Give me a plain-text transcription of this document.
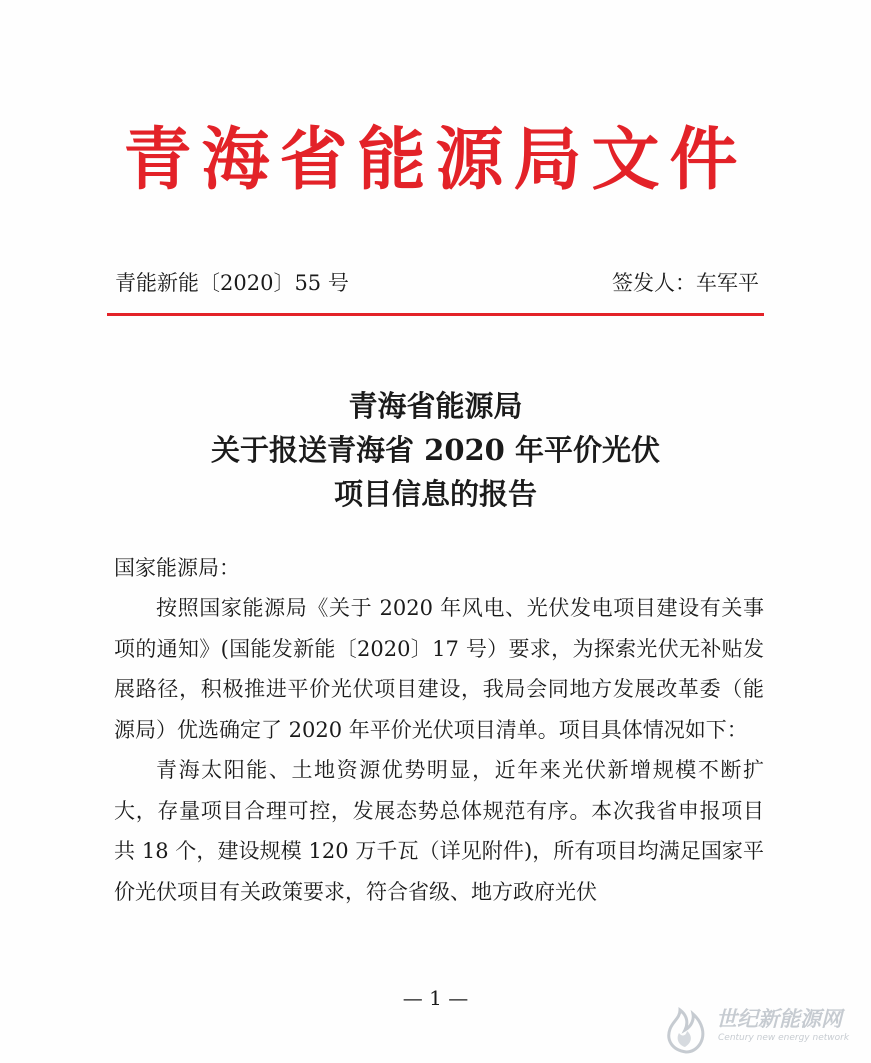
青海省能源局文件
青能新能〔2020〕55 号	签发人：车军平
青海省能源局
关于报送青海省 2020 年平价光伏
项目信息的报告
国家能源局：

按照国家能源局《关于 2020 年风电、光伏发电项目建设有关事项的通知》(国能发新能〔2020〕17 号）要求，为探索光伏无补贴发展路径，积极推进平价光伏项目建设，我局会同地方发展改革委（能源局）优选确定了 2020 年平价光伏项目清单。项目具体情况如下：

青海太阳能、土地资源优势明显，近年来光伏新增规模不断扩大，存量项目合理可控，发展态势总体规范有序。本次我省申报项目共 18 个，建设规模 120 万千瓦（详见附件)，所有项目均满足国家平价光伏项目有关政策要求，符合省级、地方政府光伏

— 1 —
世纪新能源网
Century new energy network
